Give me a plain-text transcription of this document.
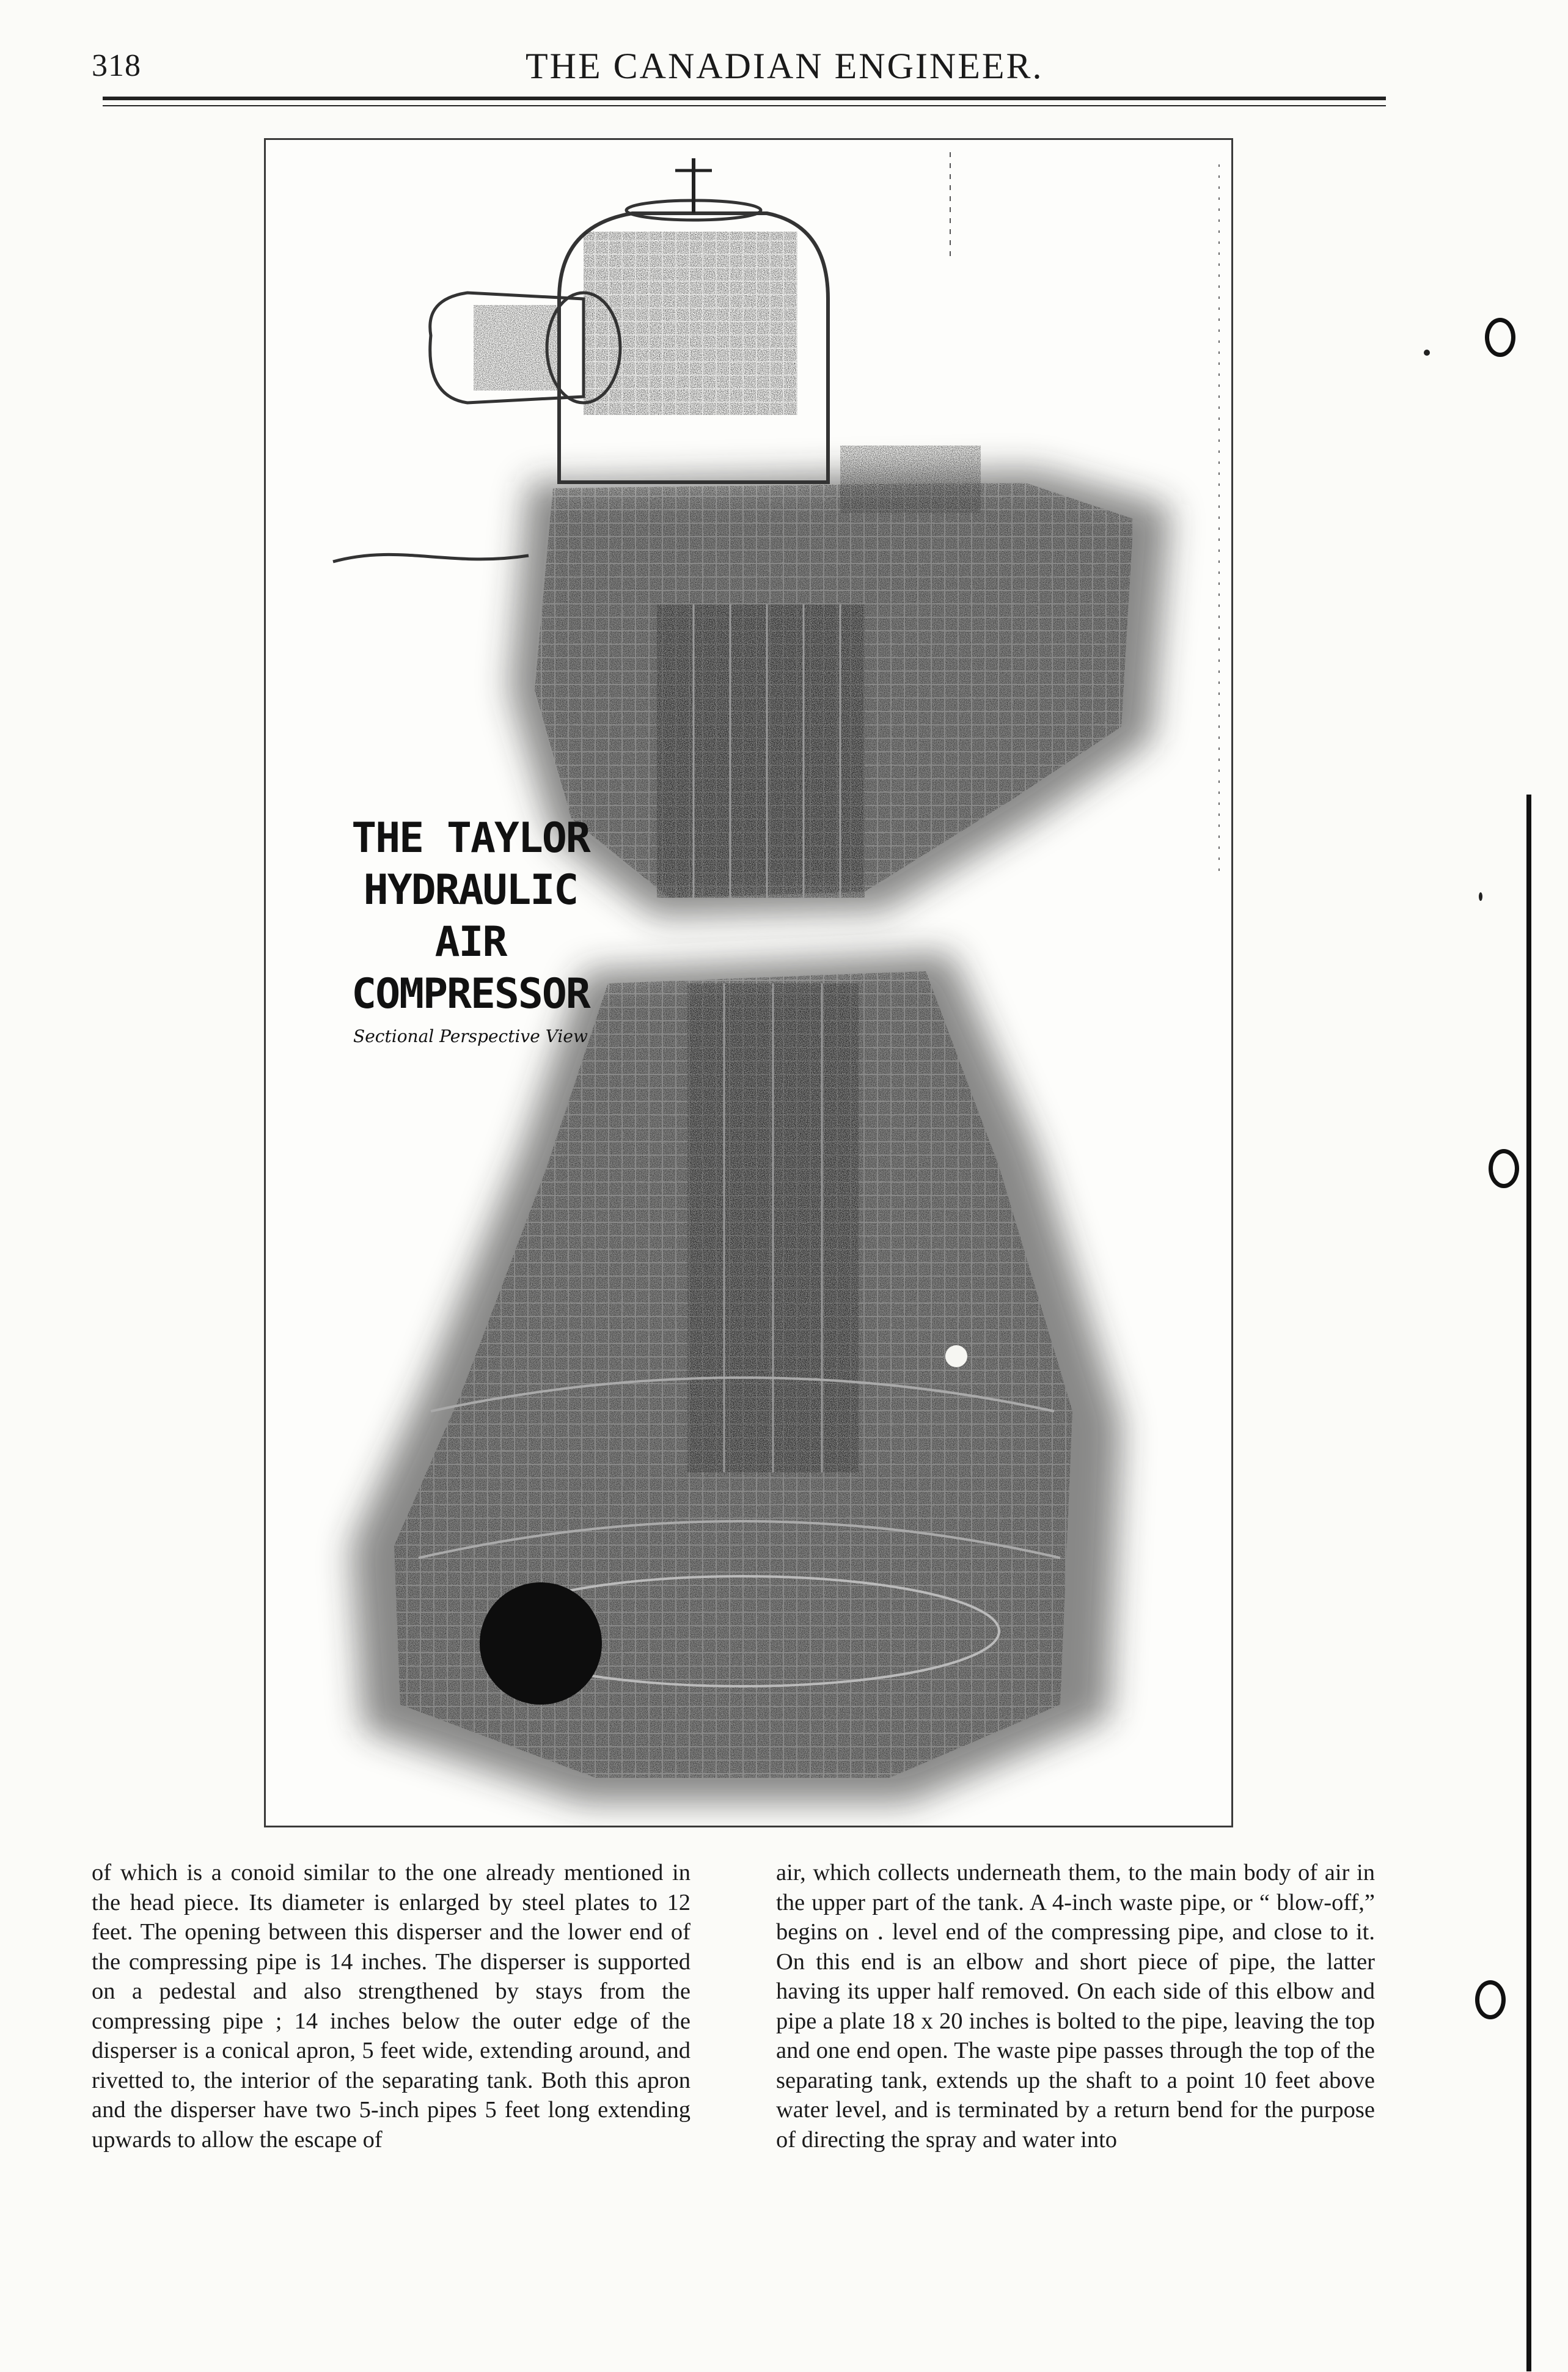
318	THE CANADIAN ENGINEER.
THE TAYLOR
HYDRAULIC
AIR COMPRESSOR
Sectional Perspective View

of which is a conoid similar to the one already mentioned in the head piece. Its diameter is enlarged by steel plates to 12 feet. The opening between this disperser and the lower end of the compressing pipe is 14 inches. The disperser is supported on a pedestal and also strengthened by stays from the compressing pipe ; 14 inches below the outer edge of the disperser is a conical apron, 5 feet wide, extending around, and rivetted to, the interior of the separating tank. Both this apron and the disperser have two 5-inch pipes 5 feet long extending upwards to allow the escape of

air, which collects underneath them, to the main body of air in the upper part of the tank. A 4-inch waste pipe, or “ blow-off,” begins on ․ level end of the compressing pipe, and close to it. On this end is an elbow and short piece of pipe, the latter having its upper half removed. On each side of this elbow and pipe a plate 18 x 20 inches is bolted to the pipe, leaving the top and one end open. The waste pipe passes through the top of the separating tank, extends up the shaft to a point 10 feet above water level, and is terminated by a return bend for the purpose of directing the spray and water into
